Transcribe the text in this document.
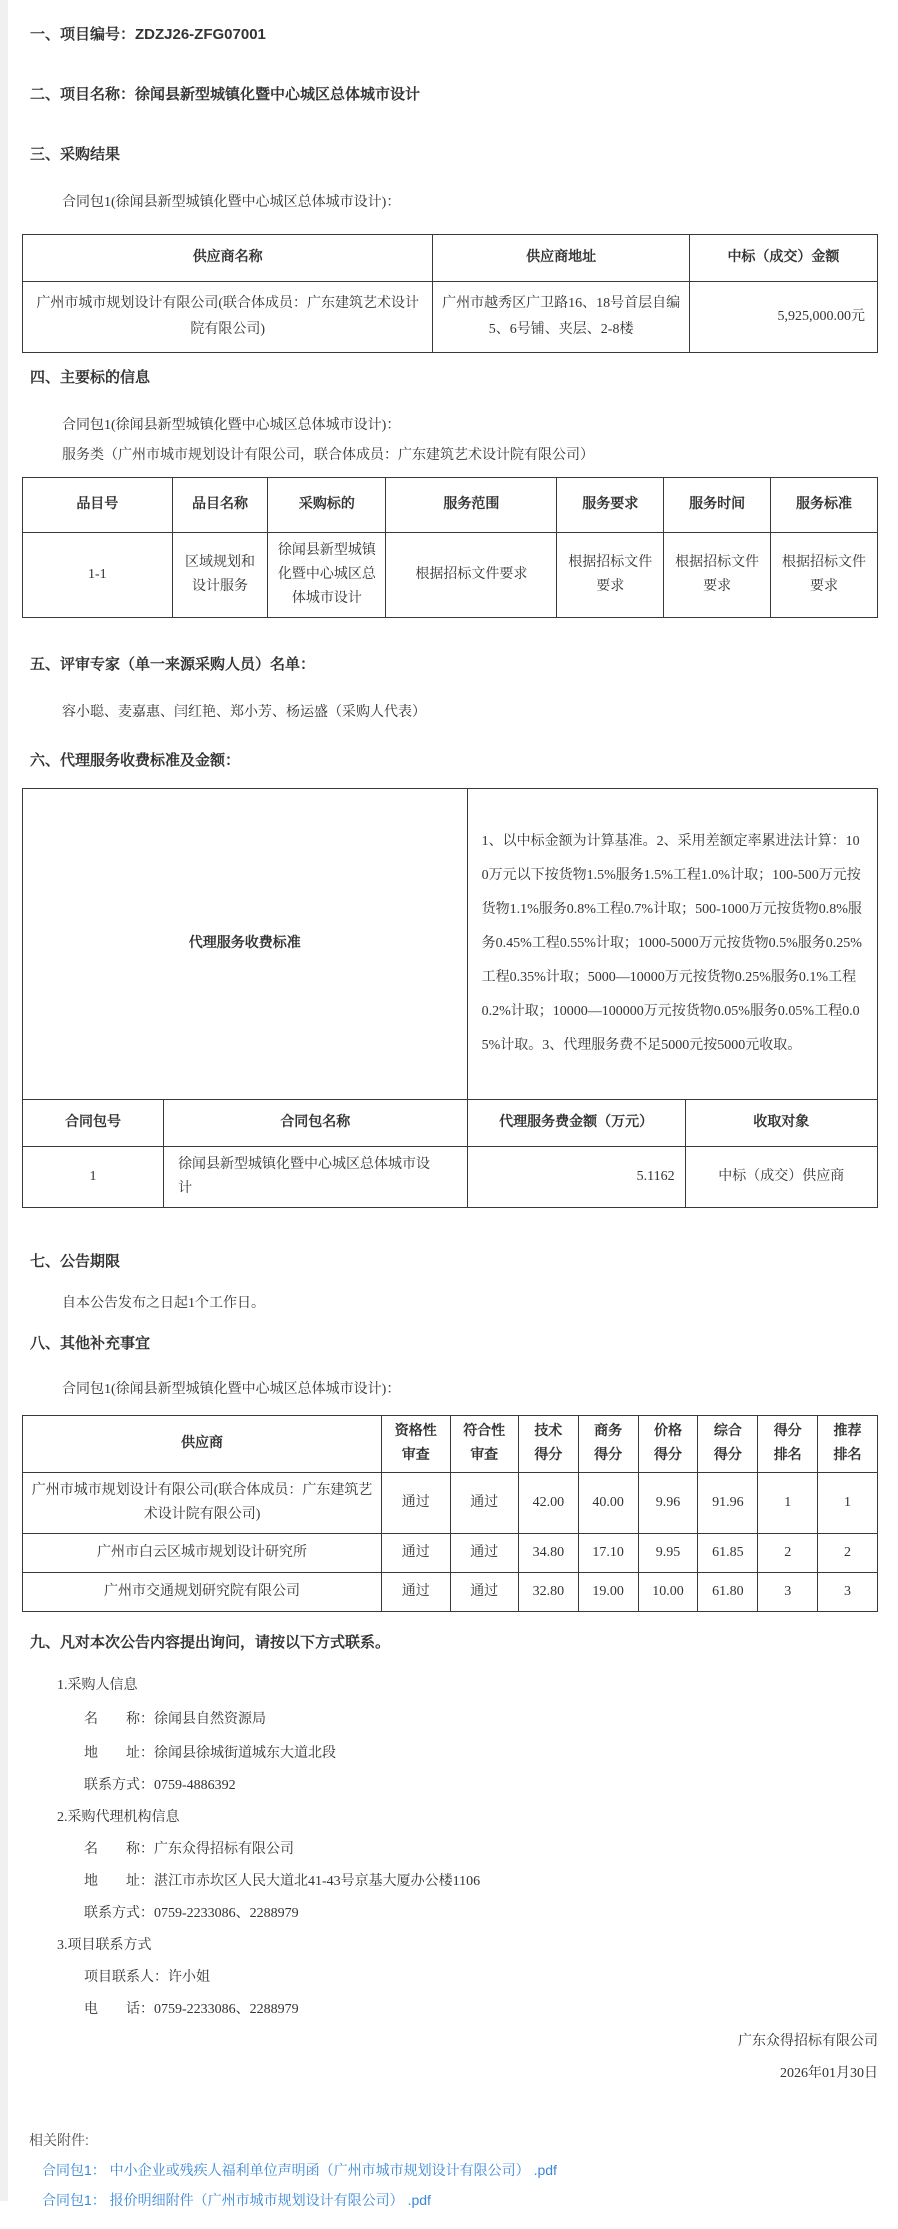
一、项目编号：ZDZJ26-ZFG07001
二、项目名称：徐闻县新型城镇化暨中心城区总体城市设计
三、采购结果
合同包1(徐闻县新型城镇化暨中心城区总体城市设计)：
供应商名称	供应商地址	中标（成交）金额
广州市城市规划设计有限公司(联合体成员：广东建筑艺术设计院有限公司)	广州市越秀区广卫路16、18号首层自编5、6号铺、夹层、2-8楼	5,925,000.00元
四、主要标的信息
合同包1(徐闻县新型城镇化暨中心城区总体城市设计)：
服务类（广州市城市规划设计有限公司，联合体成员：广东建筑艺术设计院有限公司）
品目号	品目名称	采购标的	服务范围	服务要求	服务时间	服务标准
1-1	区域规划和设计服务	徐闻县新型城镇化暨中心城区总体城市设计	根据招标文件要求	根据招标文件要求	根据招标文件要求	根据招标文件要求
五、评审专家（单一来源采购人员）名单：
容小聪、麦嘉惠、闫红艳、郑小芳、杨运盛（采购人代表）
六、代理服务收费标准及金额：
代理服务收费标准		1、以中标金额为计算基准。2、采用差额定率累进法计算：100万元以下按货物1.5%服务1.5%工程1.0%计取；100-500万元按货物1.1%服务0.8%工程0.7%计取；500-1000万元按货物0.8%服务0.45%工程0.55%计取；1000-5000万元按货物0.5%服务0.25%工程0.35%计取；5000—10000万元按货物0.25%服务0.1%工程0.2%计取；10000—100000万元按货物0.05%服务0.05%工程0.05%计取。3、代理服务费不足5000元按5000元收取。	
合同包号	合同包名称	代理服务费金额（万元）	收取对象
1	徐闻县新型城镇化暨中心城区总体城市设计	5.1162	中标（成交）供应商
七、公告期限
自本公告发布之日起1个工作日。
八、其他补充事宜
合同包1(徐闻县新型城镇化暨中心城区总体城市设计)：
供应商	资格性审查	符合性审查	技术得分	商务得分	价格得分	综合得分	得分排名	推荐排名
广州市城市规划设计有限公司(联合体成员：广东建筑艺术设计院有限公司)	通过	通过	42.00	40.00	9.96	91.96	1	1
广州市白云区城市规划设计研究所	通过	通过	34.80	17.10	9.95	61.85	2	2
广州市交通规划研究院有限公司	通过	通过	32.80	19.00	10.00	61.80	3	3
九、凡对本次公告内容提出询问，请按以下方式联系。
1.采购人信息
名　　称：徐闻县自然资源局
地　　址：徐闻县徐城街道城东大道北段
联系方式：0759-4886392
2.采购代理机构信息
名　　称：广东众得招标有限公司
地　　址：湛江市赤坎区人民大道北41-43号京基大厦办公楼1106
联系方式：0759-2233086、2288979
3.项目联系方式
项目联系人：许小姐
电　　话：0759-2233086、2288979
广东众得招标有限公司
2026年01月30日
相关附件:
合同包1： 中小企业或残疾人福利单位声明函（广州市城市规划设计有限公司） .pdf
合同包1： 报价明细附件（广州市城市规划设计有限公司） .pdf
